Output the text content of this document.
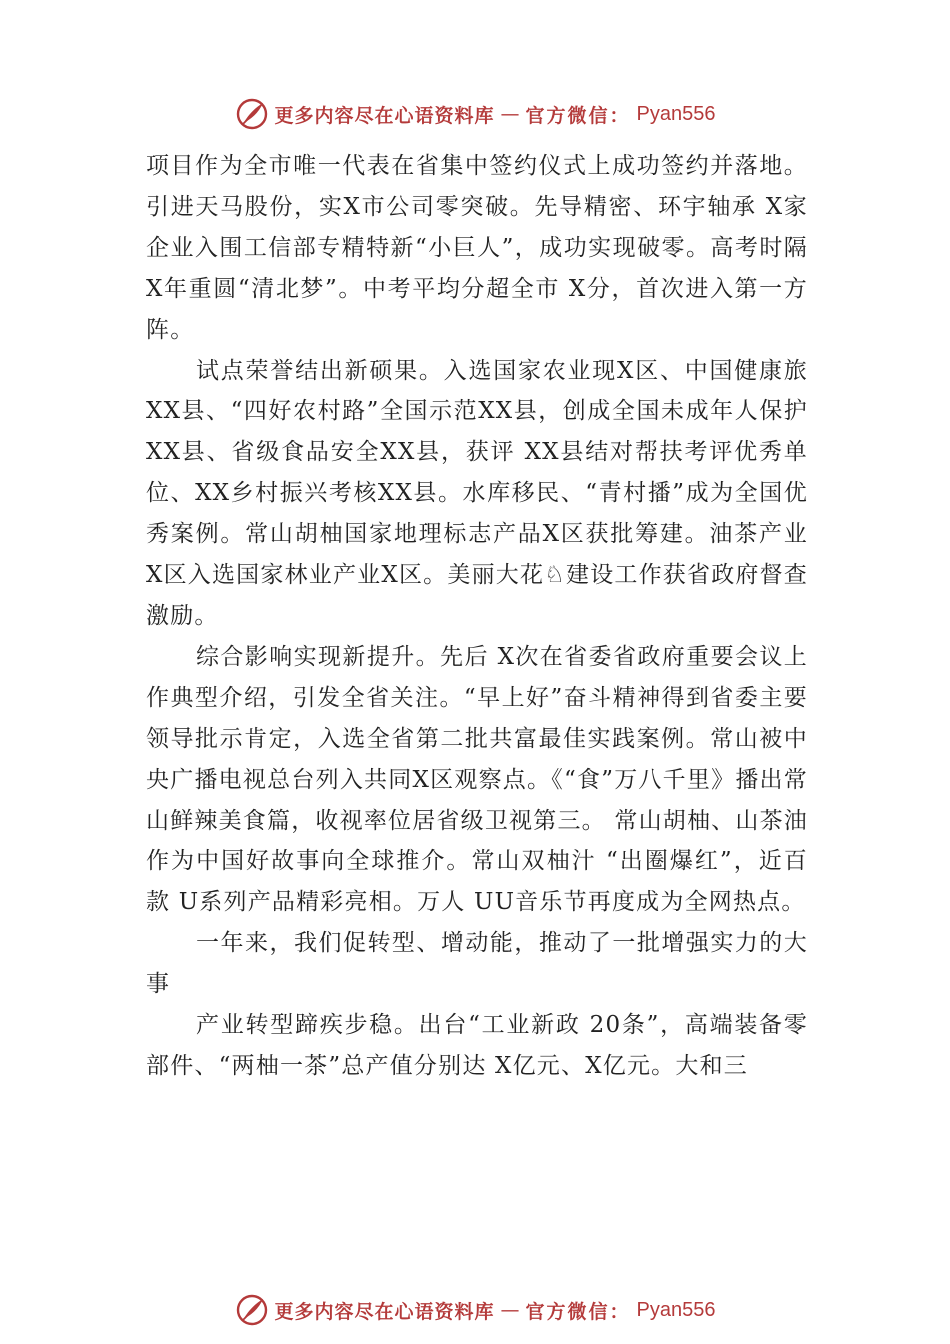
更多内容尽在心语资料库 — 官方微信： Pyan556

项目作为全市唯一代表在省集中签约仪式上成功签约并落地。引进天马股份，实X市公司零突破。先导精密、环宇轴承 X家企业入围工信部专精特新“小巨人”，成功实现破零。高考时隔 X年重圆“清北梦”。中考平均分超全市 X分，首次进入第一方阵。

试点荣誉结出新硕果。入选国家农业现X区、中国健康旅XX县、“四好农村路”全国示范XX县，创成全国未成年人保护XX县、省级食品安全XX县，获评 XX县结对帮扶考评优秀单位、XX乡村振兴考核XX县。水库移民、“青村播”成为全国优秀案例。常山胡柚国家地理标志产品X区获批筹建。油茶产业X区入选国家林业产业X区。美丽大花♘建设工作获省政府督查激励。

综合影响实现新提升。先后 X次在省委省政府重要会议上作典型介绍，引发全省关注。“早上好”奋斗精神得到省委主要领导批示肯定，入选全省第二批共富最佳实践案例。常山被中央广播电视总台列入共同X区观察点。《“食”万八千里》播出常山鲜辣美食篇，收视率位居省级卫视第三。 常山胡柚、山茶油作为中国好故事向全球推介。常山双柚汁 “出圈爆红”，近百款 U系列产品精彩亮相。万人 UU音乐节再度成为全网热点。

一年来，我们促转型、增动能，推动了一批增强实力的大事

产业转型蹄疾步稳。出台“工业新政 20条”，高端装备零部件、“两柚一茶”总产值分别达 X亿元、X亿元。大和三

更多内容尽在心语资料库 — 官方微信： Pyan556
